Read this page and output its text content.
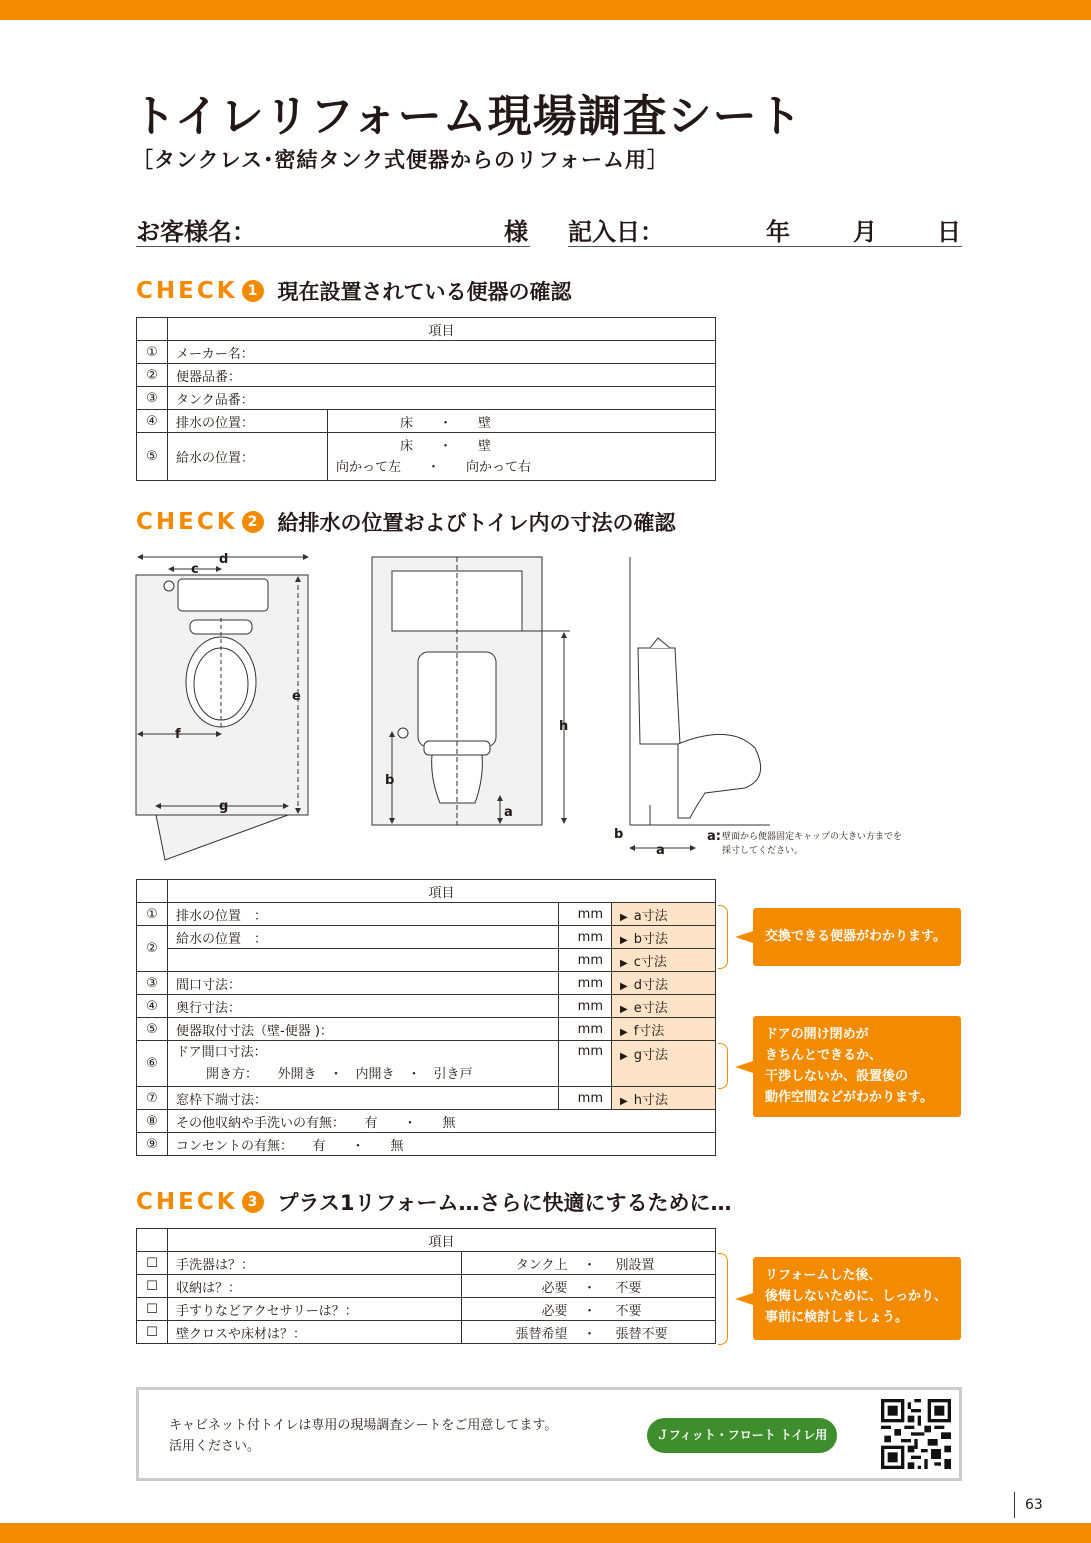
トイレリフォーム現場調査シート
［タンクレス･密結タンク式便器からのリフォーム用］
お客様名：	様 記入日：	年	月	日
CHECK 1 現在設置されている便器の確認
	項目	
①	メーカー名：	
②	便器品番：	
③	タンク品番：	
④	排水の位置：	床　　・　　壁
⑤	給水の位置：	床　　・　　壁
向かって左　　・　　向かって右
CHECK 2 給排水の位置およびトイレ内の寸法の確認
d
c
e
f
g
h
b
a
b
a
a: 壁面から便器固定キャップの大きい方までを
採寸してください。
	項目		
①	排水の位置　：	mm	▶ a寸法
②	給水の位置　：	mm	▶ b寸法
		mm	▶ c寸法
③	間口寸法：	mm	▶ d寸法
④	奥行寸法：	mm	▶ e寸法
⑤	便器取付寸法（壁-便器 )：	mm	▶ f寸法
⑥	ドア間口寸法：
開き方：　　外開き　・　内開き　・　引き戸	mm	▶ g寸法
⑦	窓枠下端寸法：	mm	▶ h寸法
⑧	その他収納や手洗いの有無：　　有　　・　　無		
⑨	コンセントの有無：　　有　　・　　無		
交換できる便器がわかります。
ドアの開け閉めが
きちんとできるか、
干渉しないか、設置後の
動作空間などがわかります。
CHECK 3 プラス1リフォーム…さらに快適にするために…
	項目			
☐	手洗器は？：	タンク上	・	別設置
☐	収納は？：	必要	・	不要
☐	手すりなどアクセサリーは？：	必要	・	不要
☐	壁クロスや床材は？：	張替希望	・	張替不要
リフォームした後、
後悔しないために、しっかり、
事前に検討しましょう。
キャビネット付トイレは専用の現場調査シートをご用意してます。
活用ください。
Ｊフィット・フロート トイレ用
63
